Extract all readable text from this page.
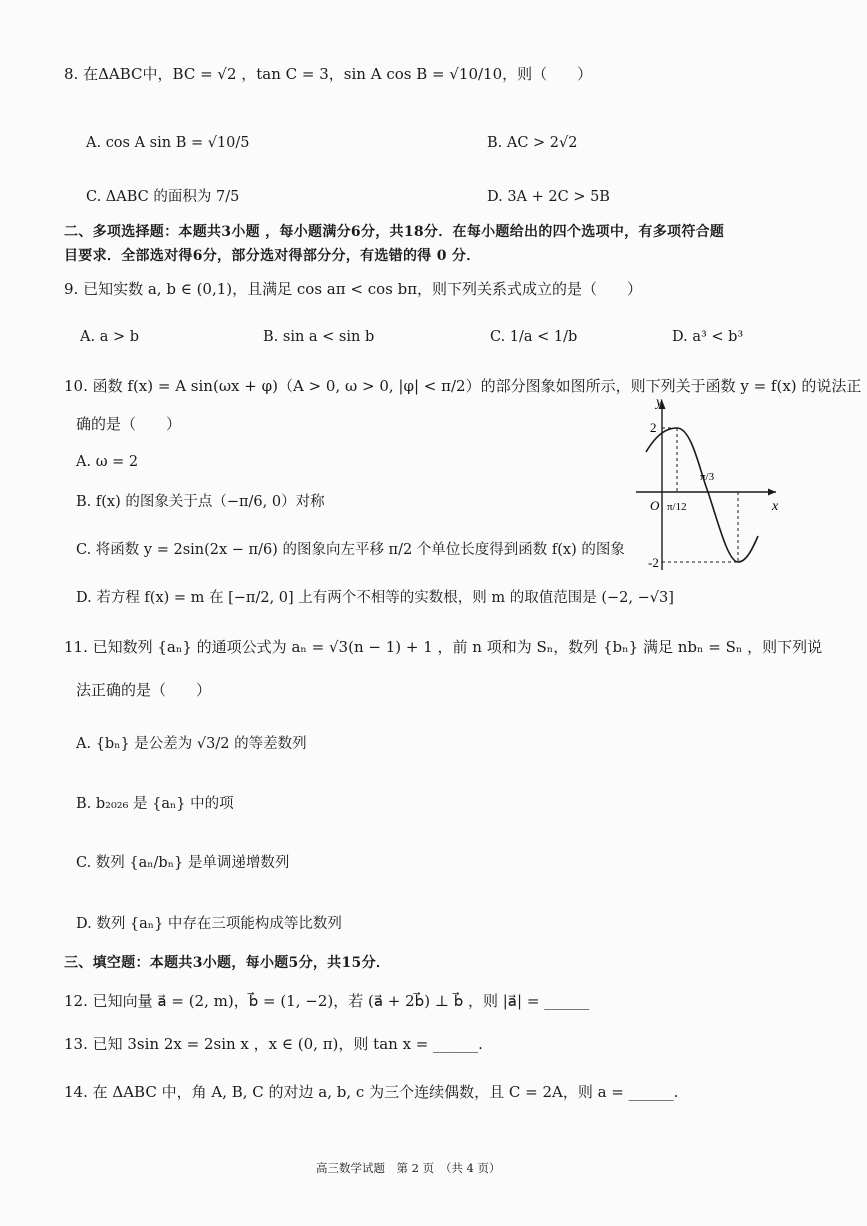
8. 在ΔABC中，BC = √2 ，tan C = 3，sin A cos B = √10/10，则（　　）
A. cos A sin B = √10/5	B. AC > 2√2
C. ΔABC 的面积为 7/5	D. 3A + 2C > 5B
二、多项选择题：本题共3小题 ，每小题满分6分，共18分．在每小题给出的四个选项中，有多项符合题
目要求．全部选对得6分，部分选对得部分分，有选错的得 0 分．
9. 已知实数 a, b ∈ (0,1)，且满足 cos aπ < cos bπ，则下列关系式成立的是（　　）
A. a > b	B. sin a < sin b	C. 1/a < 1/b	D. a³ < b³
10. 函数 f(x) = A sin(ωx + φ)（A > 0, ω > 0, |φ| < π/2）的部分图象如图所示，则下列关于函数 y = f(x) 的说法正
确的是（　　）
A. ω = 2
B. f(x) 的图象关于点（−π/6, 0）对称
C. 将函数 y = 2sin(2x − π/6) 的图象向左平移 π/2 个单位长度得到函数 f(x) 的图象
D. 若方程 f(x) = m 在 [−π/2, 0] 上有两个不相等的实数根，则 m 的取值范围是 (−2, −√3]
y
x
O
2
-2
π/12
π/3
11. 已知数列 {aₙ} 的通项公式为 aₙ = √3(n − 1) + 1 ，前 n 项和为 Sₙ，数列 {bₙ} 满足 nbₙ = Sₙ ，则下列说
法正确的是（　　）
A. {bₙ} 是公差为 √3/2 的等差数列
B. b₂₀₂₆ 是 {aₙ} 中的项
C. 数列 {aₙ/bₙ} 是单调递增数列
D. 数列 {aₙ} 中存在三项能构成等比数列
三、填空题：本题共3小题，每小题5分，共15分．
12. 已知向量 a⃗ = (2, m)，b⃗ = (1, −2)，若 (a⃗ + 2b⃗) ⊥ b⃗ ，则 |a⃗| = ______
13. 已知 3sin 2x = 2sin x ，x ∈ (0, π)，则 tan x = ______.
14. 在 ΔABC 中，角 A, B, C 的对边 a, b, c 为三个连续偶数，且 C = 2A，则 a = ______.
高三数学试题　第 2 页　（共 4 页）
